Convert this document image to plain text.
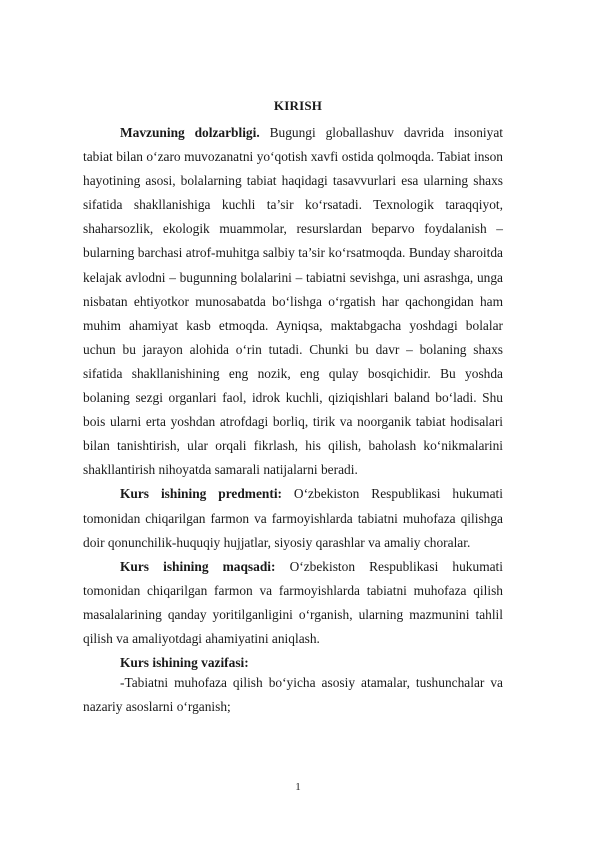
KIRISH

Mavzuning dolzarbligi. Bugungi globallashuv davrida insoniyat tabiat bilan o‘zaro muvozanatni yo‘qotish xavfi ostida qolmoqda. Tabiat inson hayotining asosi, bolalarning tabiat haqidagi tasavvurlari esa ularning shaxs sifatida shakllanishiga kuchli ta’sir ko‘rsatadi. Texnologik taraqqiyot, shaharsozlik, ekologik muammolar, resurslardan beparvo foydalanish – bularning barchasi atrof-muhitga salbiy ta’sir ko‘rsatmoqda. Bunday sharoitda kelajak avlodni – bugunning bolalarini – tabiatni sevishga, uni asrashga, unga nisbatan ehtiyotkor munosabatda bo‘lishga o‘rgatish har qachongidan ham muhim ahamiyat kasb etmoqda. Ayniqsa, maktabgacha yoshdagi bolalar uchun bu jarayon alohida o‘rin tutadi. Chunki bu davr – bolaning shaxs sifatida shakllanishining eng nozik, eng qulay bosqichidir. Bu yoshda bolaning sezgi organlari faol, idrok kuchli, qiziqishlari baland bo‘ladi. Shu bois ularni erta yoshdan atrofdagi borliq, tirik va noorganik tabiat hodisalari bilan tanishtirish, ular orqali fikrlash, his qilish, baholash ko‘nikmalarini shakllantirish nihoyatda samarali natijalarni beradi.

Kurs ishining predmenti: O‘zbekiston Respublikasi hukumati tomonidan chiqarilgan farmon va farmoyishlarda tabiatni muhofaza qilishga doir qonunchilik-huquqiy hujjatlar, siyosiy qarashlar va amaliy choralar.

Kurs ishining maqsadi: O‘zbekiston Respublikasi hukumati tomonidan chiqarilgan farmon va farmoyishlarda tabiatni muhofaza qilish masalalarining qanday yoritilganligini o‘rganish, ularning mazmunini tahlil qilish va amaliyotdagi ahamiyatini aniqlash.

Kurs ishining vazifasi:

-Tabiatni muhofaza qilish bo‘yicha asosiy atamalar, tushunchalar va nazariy asoslarni o‘rganish;

1
